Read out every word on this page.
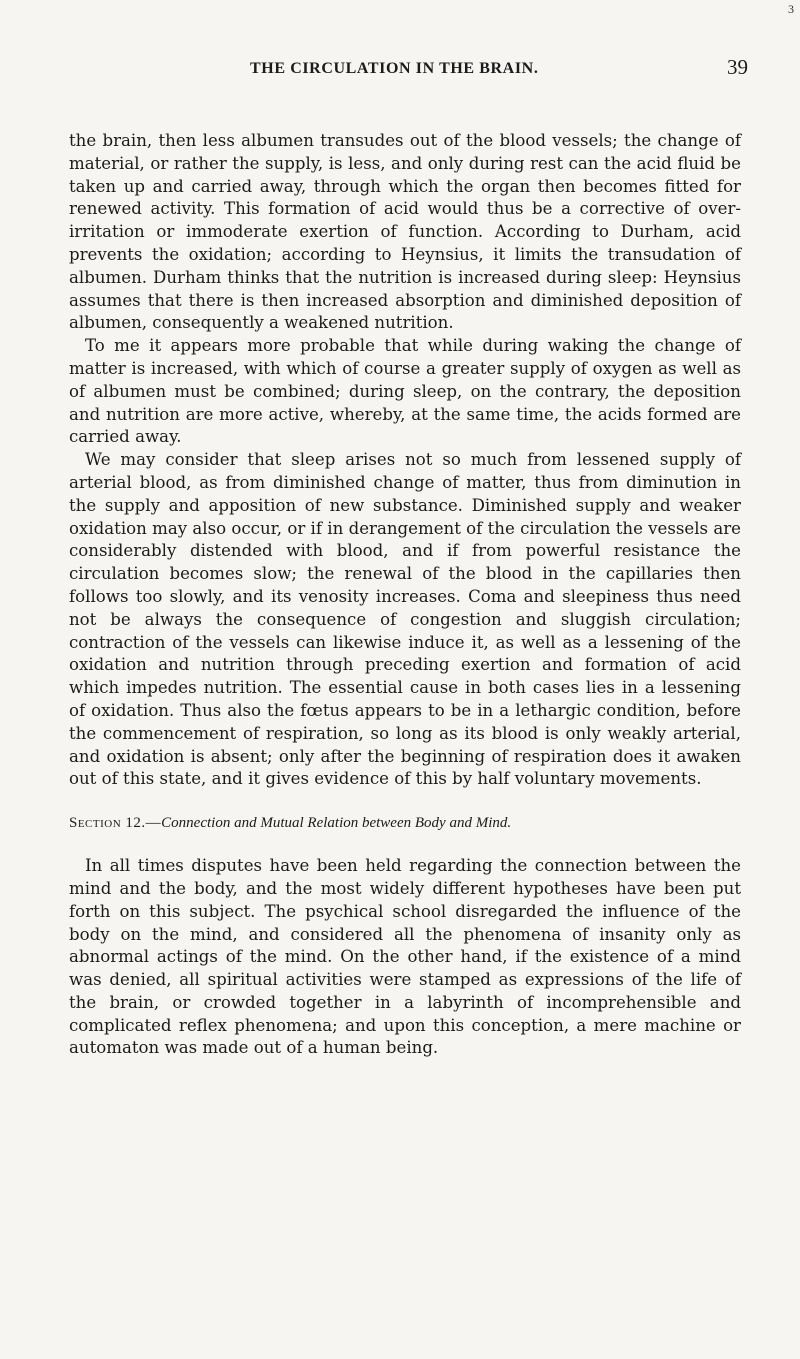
3
THE CIRCULATION IN THE BRAIN.	39

the brain, then less albumen transudes out of the blood vessels; the change of material, or rather the supply, is less, and only during rest can the acid fluid be taken up and carried away, through which the organ then becomes fitted for renewed activity. This formation of acid would thus be a corrective of over-irritation or immoderate exertion of function. According to Durham, acid prevents the oxidation; according to Heynsius, it limits the transudation of albumen. Durham thinks that the nutrition is increased during sleep: Heynsius assumes that there is then increased absorption and diminished deposition of albumen, consequently a weakened nutrition.

To me it appears more probable that while during waking the change of matter is increased, with which of course a greater supply of oxygen as well as of albumen must be combined; during sleep, on the contrary, the deposition and nutrition are more active, whereby, at the same time, the acids formed are carried away.

We may consider that sleep arises not so much from lessened supply of arterial blood, as from diminished change of matter, thus from diminution in the supply and apposition of new substance. Diminished supply and weaker oxidation may also occur, or if in derangement of the circulation the vessels are considerably distended with blood, and if from powerful resistance the circulation becomes slow; the renewal of the blood in the capillaries then follows too slowly, and its venosity increases. Coma and sleepiness thus need not be always the consequence of congestion and sluggish circulation; contraction of the vessels can likewise induce it, as well as a lessening of the oxidation and nutrition through preceding exertion and formation of acid which impedes nutrition. The essential cause in both cases lies in a lessening of oxidation. Thus also the fœtus appears to be in a lethargic condition, before the commencement of respiration, so long as its blood is only weakly arterial, and oxidation is absent; only after the beginning of respiration does it awaken out of this state, and it gives evidence of this by half voluntary movements.

Section 12.—Connection and Mutual Relation between Body and Mind.

In all times disputes have been held regarding the connection between the mind and the body, and the most widely different hypotheses have been put forth on this subject. The psychical school disregarded the influence of the body on the mind, and considered all the phenomena of insanity only as abnormal actings of the mind. On the other hand, if the existence of a mind was denied, all spiritual activities were stamped as expressions of the life of the brain, or crowded together in a labyrinth of incomprehensible and complicated reflex phenomena; and upon this conception, a mere machine or automaton was made out of a human being.
